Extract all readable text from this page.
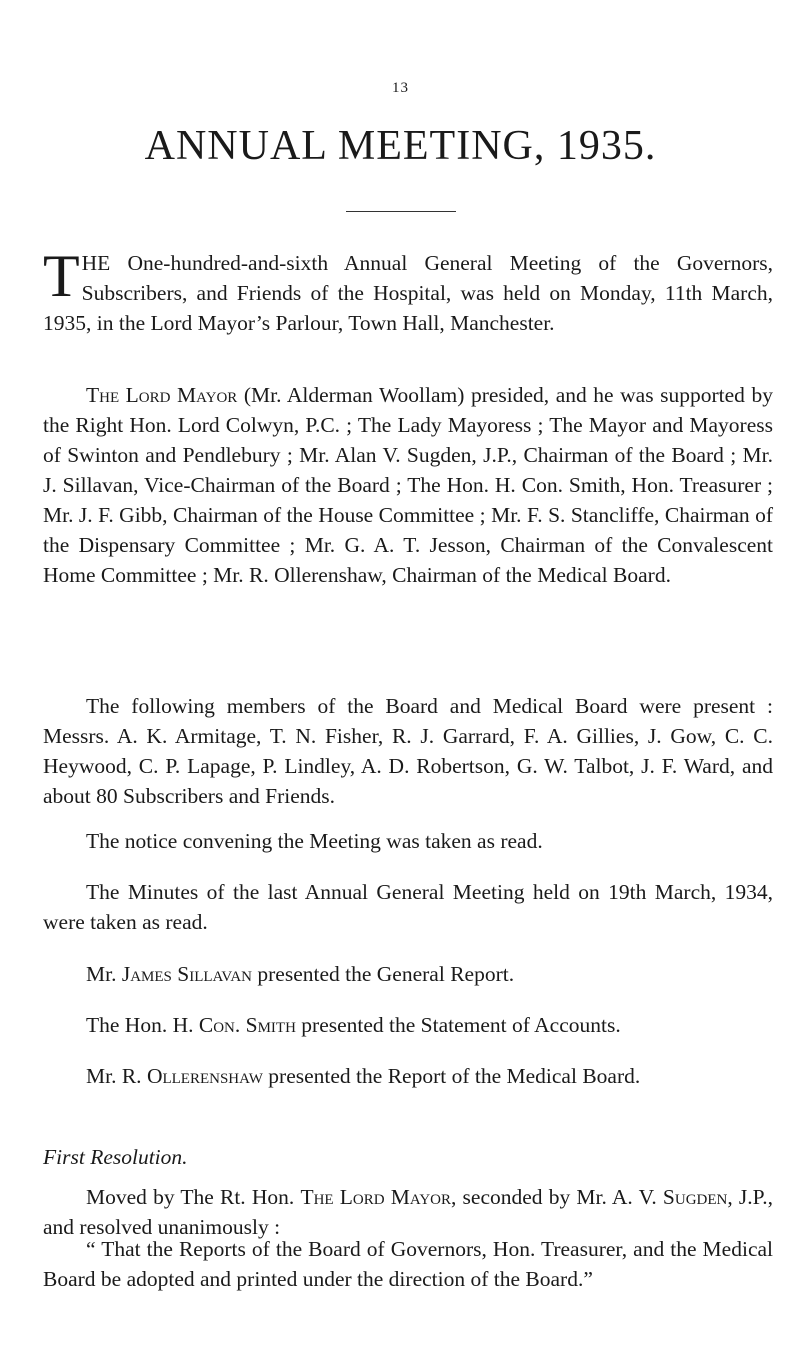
13
ANNUAL MEETING, 1935.

THE One-hundred-and-sixth Annual General Meeting of the Governors, Subscribers, and Friends of the Hospital, was held on Monday, 11th March, 1935, in the Lord Mayor’s Parlour, Town Hall, Manchester.

The Lord Mayor (Mr. Alderman Woollam) presided, and he was supported by the Right Hon. Lord Colwyn, P.C. ; The Lady Mayoress ; The Mayor and Mayoress of Swinton and Pendlebury ; Mr. Alan V. Sugden, J.P., Chairman of the Board ; Mr. J. Sillavan, Vice-Chairman of the Board ; The Hon. H. Con. Smith, Hon. Treasurer ; Mr. J. F. Gibb, Chairman of the House Committee ; Mr. F. S. Stancliffe, Chairman of the Dispensary Committee ; Mr. G. A. T. Jesson, Chairman of the Convalescent Home Committee ; Mr. R. Ollerenshaw, Chairman of the Medical Board.

The following members of the Board and Medical Board were present : Messrs. A. K. Armitage, T. N. Fisher, R. J. Garrard, F. A. Gillies, J. Gow, C. C. Heywood, C. P. Lapage, P. Lindley, A. D. Robertson, G. W. Talbot, J. F. Ward, and about 80 Subscribers and Friends.

The notice convening the Meeting was taken as read.

The Minutes of the last Annual General Meeting held on 19th March, 1934, were taken as read.

Mr. James Sillavan presented the General Report.

The Hon. H. Con. Smith presented the Statement of Accounts.

Mr. R. Ollerenshaw presented the Report of the Medical Board.

First Resolution.

Moved by The Rt. Hon. The Lord Mayor, seconded by Mr. A. V. Sugden, J.P., and resolved unanimously :

“ That the Reports of the Board of Governors, Hon. Treasurer, and the Medical Board be adopted and printed under the direction of the Board.”
